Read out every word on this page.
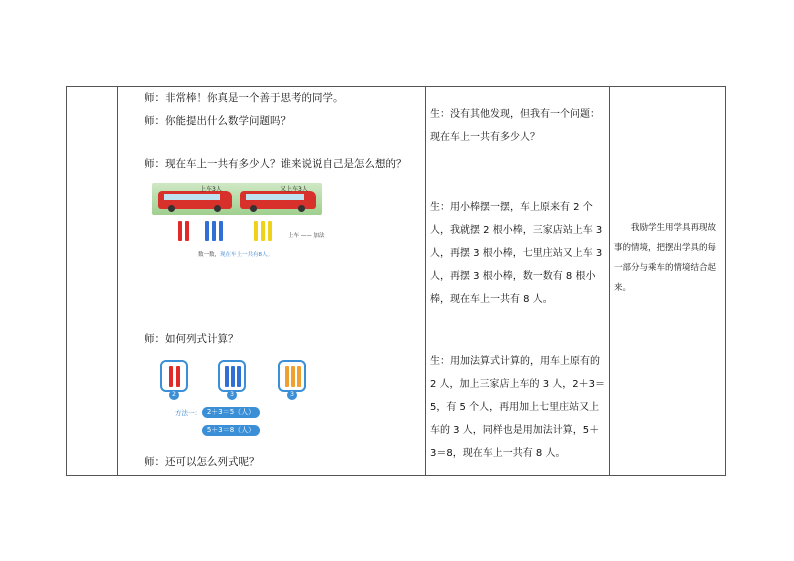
师：非常棒！你真是一个善于思考的同学。
师：你能提出什么数学问题吗？
师：现在车上一共有多少人？谁来说说自己是怎么想的？
上车3人	又上车3人
上车 —— 加法
数一数， 现在车上一共有8人。
师：如何列式计算？
2	3	3
方法一： 2＋3＝5（人）
5＋3＝8（人）
师：还可以怎么列式呢？
生：没有其他发现，但我有一个问题：现在车上一共有多少人？
生：用小棒摆一摆，车上原来有 2 个人，我就摆 2 根小棒，三家店站上车 3 人，再摆 3 根小棒，七里庄站又上车 3 人，再摆 3 根小棒，数一数有 8 根小棒，现在车上一共有 8 人。
生：用加法算式计算的，用车上原有的 2 人，加上三家店上车的 3 人，2＋3＝5，有 5 个人，再用加上七里庄站又上车的 3 人，同样也是用加法计算，5＋3＝8，现在车上一共有 8 人。
我励学生用学具再现故事的情境，把摆出学具的每一部分与乘车的情境结合起来。
